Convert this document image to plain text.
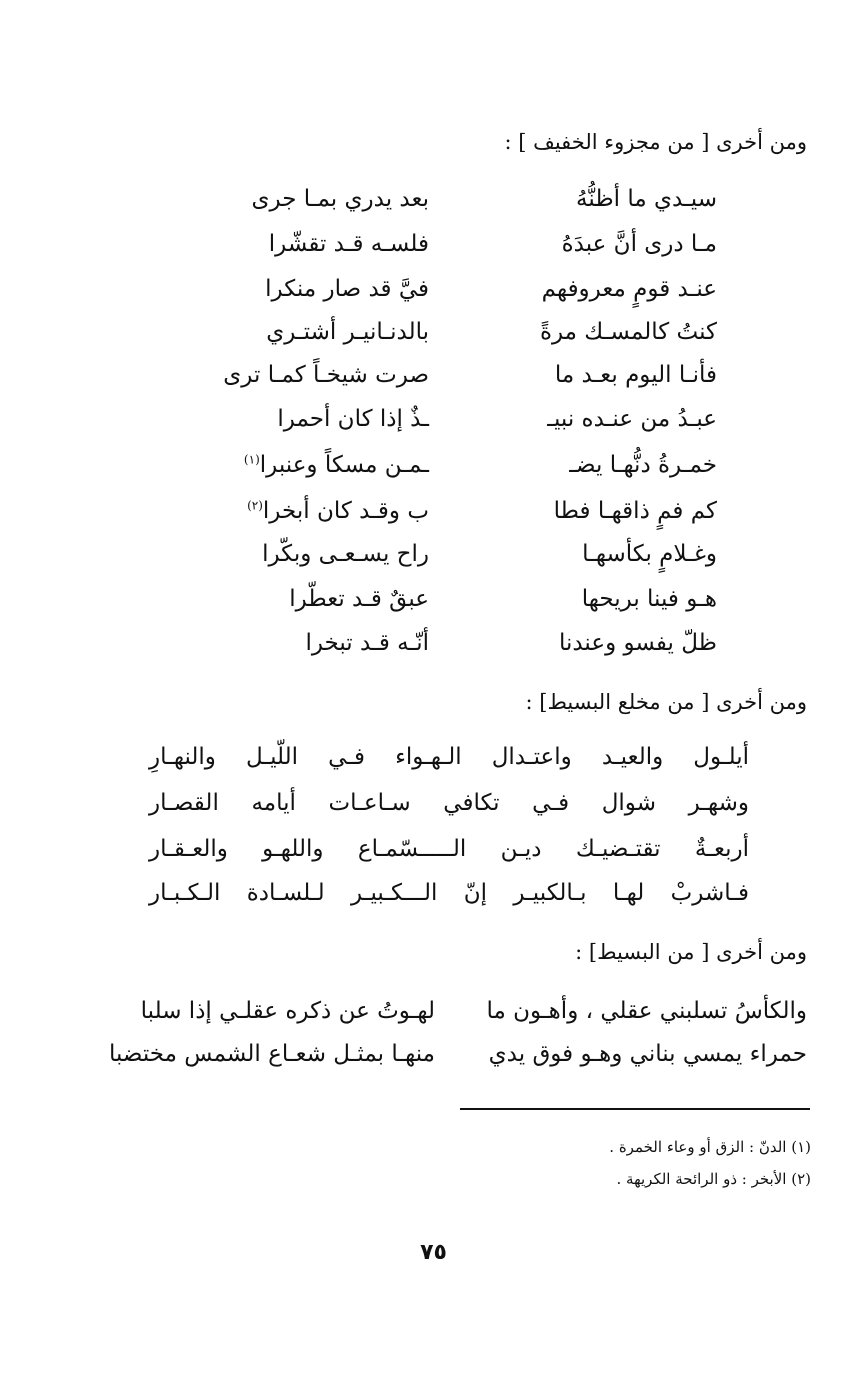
ومن أخرى [ من مجزوء الخفيف ] :
سيـدي ما أظنُّهُ
بعد يدري بمـا جرى
مـا درى أنَّ عبدَهُ
فلسـه قـد تقشّرا
عنـد قومٍ معروفهم
فيَّ قد صار منكرا
كنتُ كالمسـك مرةً
بالدنـانيـر أشتـري
فأنـا اليوم بعـد ما
صرت شيخـاً كمـا ترى
عبـدُ من عنـده نبيـ
ـذٌ إذا كان أحمرا
خمـرةُ دنُّهـا يضـ
ـمـن مسكاً وعنبرا$^{(١)}$
كم فمٍ ذاقهـا فطا
ب وقـد كان أبخرا$^{(٢)}$
وغـلامٍ بكأسهـا
راح يسـعـى وبكّرا
هـو فينا بريحها
عبقٌ قـد تعطّرا
ظلّ يفسو وعندنا
أنّـه قـد تبخرا
ومن أخرى [ من مخلع البسيط] :
أيلـول والعيـد واعتـدال الـهـواء فـي اللّيـل والنهـارِ
وشهـر شوال فـي تكافي سـاعـات أيامه القصـار
أربعـةٌ تقتـضيـك ديـن الـــــسّمـاع واللهـو والعـقـار
فـاشربْ لهـا بـالكبيـر إنّ الـــكـبيـر لـلسـادة الـكـبـار
ومن أخرى [ من البسيط] :
والكأسُ تسلبني عقلي ، وأهـون ما
لهـوتُ عن ذكره عقلـي إذا سلبا
حمراء يمسي بناني وهـو فوق يدي
منهـا بمثـل شعـاع الشمس مختضبا
(١) الدنّ : الزق أو وعاء الخمرة .
(٢) الأبخر : ذو الرائحة الكريهة .
٧٥
